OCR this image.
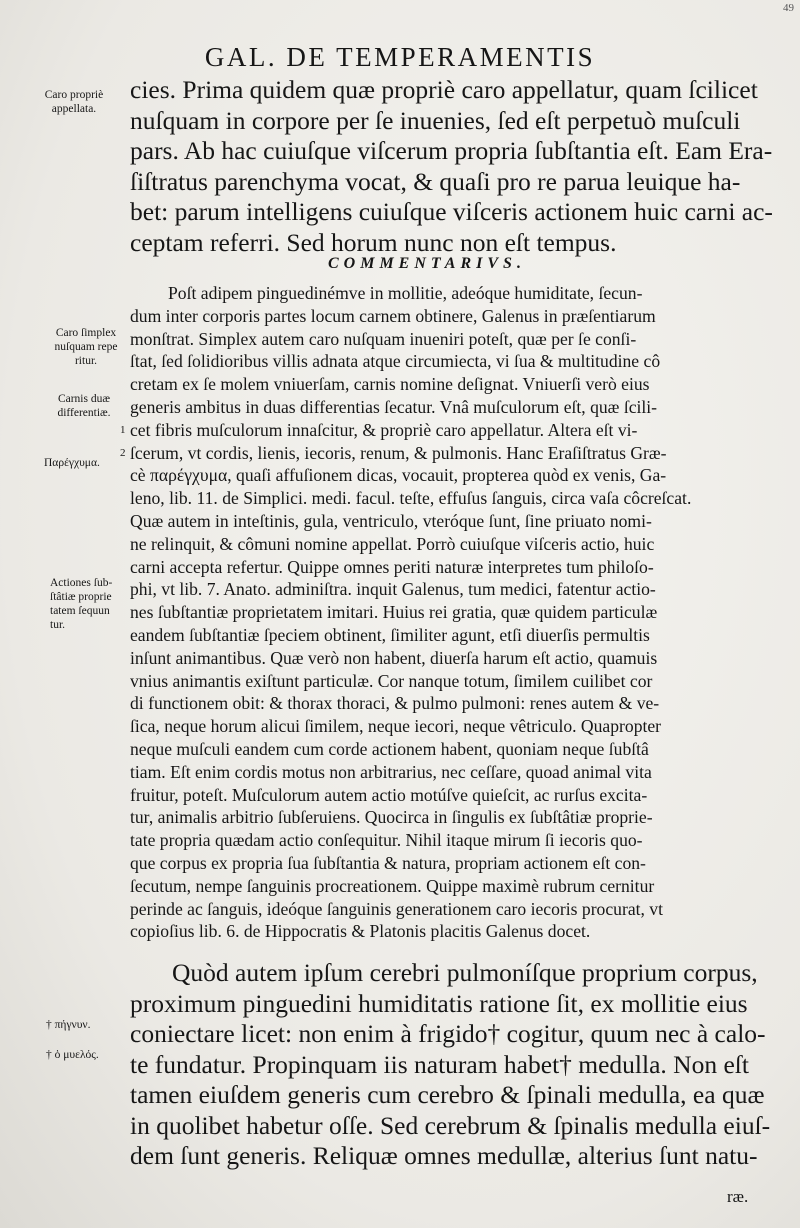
49
GAL. DE TEMPERAMENTIS
cies. Prima quidem quæ propriè caro appellatur, quam ſcilicet
nuſquam in corpore per ſe inuenies, ſed eſt perpetuò muſculi
pars. Ab hac cuiuſque viſcerum propria ſubſtantia eſt. Eam Era-
ſiſtratus parenchyma vocat, & quaſi pro re parua leuique ha-
bet: parum intelligens cuiuſque viſceris actionem huic carni ac-
ceptam referri. Sed horum nunc non eſt tempus.
COMMENTARIVS.
Poſt adipem pinguedinémve in mollitie, adeóque humiditate, ſecun-
dum inter corporis partes locum carnem obtinere, Galenus in præſentiarum
monſtrat. Simplex autem caro nuſquam inueniri poteſt, quæ per ſe conſi-
ſtat, ſed ſolidioribus villis adnata atque circumiecta, vi ſua & multitudine cô
cretam ex ſe molem vniuerſam, carnis nomine deſignat. Vniuerſi verò eius
generis ambitus in duas differentias ſecatur. Vnâ muſculorum eſt, quæ ſcili-
cet fibris muſculorum innaſcitur, & propriè caro appellatur. Altera eſt vi-
ſcerum, vt cordis, lienis, iecoris, renum, & pulmonis. Hanc Eraſiſtratus Græ-
cè παρέγχυμα, quaſi affuſionem dicas, vocauit, propterea quòd ex venis, Ga-
leno, lib. 11. de Simplici. medi. facul. teſte, effuſus ſanguis, circa vaſa côcreſcat.
Quæ autem in inteſtinis, gula, ventriculo, vteróque ſunt, ſine priuato nomi-
ne relinquit, & cômuni nomine appellat. Porrò cuiuſque viſceris actio, huic
carni accepta refertur. Quippe omnes periti naturæ interpretes tum philoſo-
phi, vt lib. 7. Anato. adminiſtra. inquit Galenus, tum medici, fatentur actio-
nes ſubſtantiæ proprietatem imitari. Huius rei gratia, quæ quidem particulæ
eandem ſubſtantiæ ſpeciem obtinent, ſimiliter agunt, etſi diuerſis permultis
inſunt animantibus. Quæ verò non habent, diuerſa harum eſt actio, quamuis
vnius animantis exiſtunt particulæ. Cor nanque totum, ſimilem cuilibet cor
di functionem obit: & thorax thoraci, & pulmo pulmoni: renes autem & ve-
ſica, neque horum alicui ſimilem, neque iecori, neque vêtriculo. Quapropter
neque muſculi eandem cum corde actionem habent, quoniam neque ſubſtâ
tiam. Eſt enim cordis motus non arbitrarius, nec ceſſare, quoad animal vita
fruitur, poteſt. Muſculorum autem actio motúſve quieſcit, ac rurſus excita-
tur, animalis arbitrio ſubſeruiens. Quocirca in ſingulis ex ſubſtâtiæ proprie-
tate propria quædam actio conſequitur. Nihil itaque mirum ſi iecoris quo-
que corpus ex propria ſua ſubſtantia & natura, propriam actionem eſt con-
ſecutum, nempe ſanguinis procreationem. Quippe maximè rubrum cernitur
perinde ac ſanguis, ideóque ſanguinis generationem caro iecoris procurat, vt
copioſius lib. 6. de Hippocratis & Platonis placitis Galenus docet.
Quòd autem ipſum cerebri pulmoníſque proprium corpus,
proximum pinguedini humiditatis ratione ſit, ex mollitie eius
coniectare licet: non enim à frigido† cogitur, quum nec à calo-
te fundatur. Propinquam iis naturam habet† medulla. Non eſt
tamen eiuſdem generis cum cerebro & ſpinali medulla, ea quæ
in quolibet habetur oſſe. Sed cerebrum & ſpinalis medulla eiuſ-
dem ſunt generis. Reliquæ omnes medullæ, alterius ſunt natu-
ræ.
Caro propriè
appellata.
Caro ſimplex
nuſquam repe
ritur.
Carnis duæ
differentiæ.
1
2
Παρέγχυμα.
Actiones ſub-
ſtâtiæ proprie
tatem ſequun
tur.
† πήγνυν.
† ὁ μυελός.
